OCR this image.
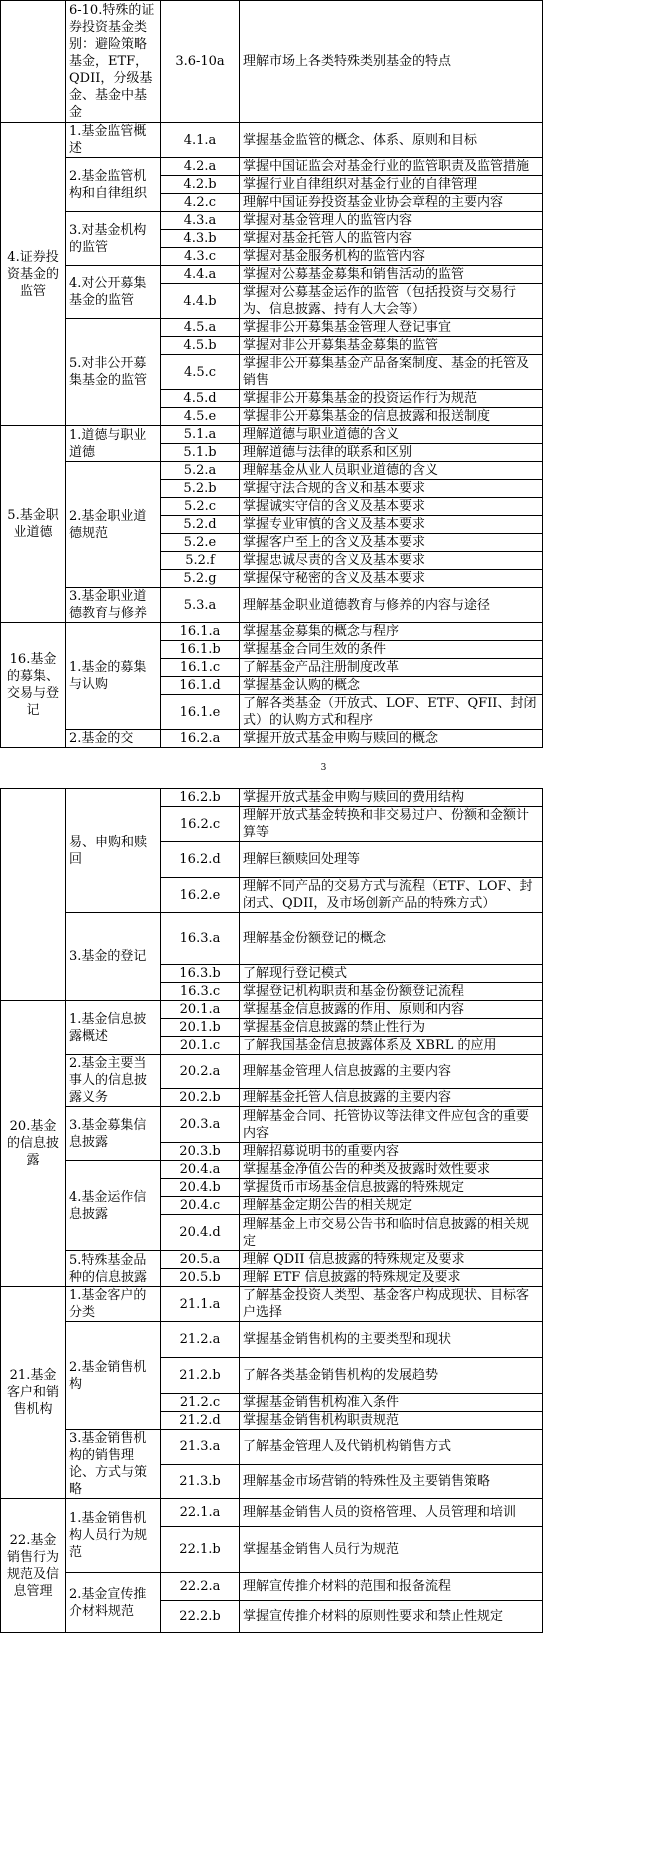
	6-10.特殊的证券投资基金类别：避险策略基金，ETF，QDII，分级基金、基金中基金	3.6-10a	理解市场上各类特殊类别基金的特点
4.证券投资基金的监管	1.基金监管概述	4.1.a	掌握基金监管的概念、体系、原则和目标
	2.基金监管机构和自律组织	4.2.a	掌握中国证监会对基金行业的监管职责及监管措施
		4.2.b	掌握行业自律组织对基金行业的自律管理
		4.2.c	理解中国证券投资基金业协会章程的主要内容
	3.对基金机构的监管	4.3.a	掌握对基金管理人的监管内容
		4.3.b	掌握对基金托管人的监管内容
		4.3.c	掌握对基金服务机构的监管内容
	4.对公开募集基金的监管	4.4.a	掌握对公募基金募集和销售活动的监管
		4.4.b	掌握对公募基金运作的监管（包括投资与交易行为、信息披露、持有人大会等）
	5.对非公开募集基金的监管	4.5.a	掌握非公开募集基金管理人登记事宜
		4.5.b	掌握对非公开募集基金募集的监管
		4.5.c	掌握非公开募集基金产品备案制度、基金的托管及销售
		4.5.d	掌握非公开募集基金的投资运作行为规范
		4.5.e	掌握非公开募集基金的信息披露和报送制度
5.基金职业道德	1.道德与职业道德	5.1.a	理解道德与职业道德的含义
		5.1.b	理解道德与法律的联系和区别
	2.基金职业道德规范	5.2.a	理解基金从业人员职业道德的含义
		5.2.b	掌握守法合规的含义和基本要求
		5.2.c	掌握诚实守信的含义及基本要求
		5.2.d	掌握专业审慎的含义及基本要求
		5.2.e	掌握客户至上的含义及基本要求
		5.2.f	掌握忠诚尽责的含义及基本要求
		5.2.g	掌握保守秘密的含义及基本要求
	3.基金职业道德教育与修养	5.3.a	理解基金职业道德教育与修养的内容与途径
16.基金的募集、交易与登记	1.基金的募集与认购	16.1.a	掌握基金募集的概念与程序
		16.1.b	掌握基金合同生效的条件
		16.1.c	了解基金产品注册制度改革
		16.1.d	掌握基金认购的概念
		16.1.e	了解各类基金（开放式、LOF、ETF、QFII、封闭式）的认购方式和程序
	2.基金的交	16.2.a	掌握开放式基金申购与赎回的概念
3
	易、申购和赎回	16.2.b	掌握开放式基金申购与赎回的费用结构
		16.2.c	理解开放式基金转换和非交易过户、份额和金额计算等
		16.2.d	理解巨额赎回处理等
		16.2.e	理解不同产品的交易方式与流程（ETF、LOF、封闭式、QDII，及市场创新产品的特殊方式）
	3.基金的登记	16.3.a	理解基金份额登记的概念
		16.3.b	了解现行登记模式
		16.3.c	掌握登记机构职责和基金份额登记流程
20.基金的信息披露	1.基金信息披露概述	20.1.a	掌握基金信息披露的作用、原则和内容
		20.1.b	掌握基金信息披露的禁止性行为
		20.1.c	了解我国基金信息披露体系及 XBRL 的应用
	2.基金主要当事人的信息披露义务	20.2.a	理解基金管理人信息披露的主要内容
		20.2.b	理解基金托管人信息披露的主要内容
	3.基金募集信息披露	20.3.a	理解基金合同、托管协议等法律文件应包含的重要内容
		20.3.b	理解招募说明书的重要内容
	4.基金运作信息披露	20.4.a	掌握基金净值公告的种类及披露时效性要求
		20.4.b	掌握货币市场基金信息披露的特殊规定
		20.4.c	理解基金定期公告的相关规定
		20.4.d	理解基金上市交易公告书和临时信息披露的相关规定
	5.特殊基金品种的信息披露	20.5.a	理解 QDII 信息披露的特殊规定及要求
		20.5.b	理解 ETF 信息披露的特殊规定及要求
21.基金客户和销售机构	1.基金客户的分类	21.1.a	了解基金投资人类型、基金客户构成现状、目标客户选择
	2.基金销售机构	21.2.a	掌握基金销售机构的主要类型和现状
		21.2.b	了解各类基金销售机构的发展趋势
		21.2.c	掌握基金销售机构准入条件
		21.2.d	掌握基金销售机构职责规范
	3.基金销售机构的销售理论、方式与策略	21.3.a	了解基金管理人及代销机构销售方式
		21.3.b	理解基金市场营销的特殊性及主要销售策略
22.基金销售行为规范及信息管理	1.基金销售机构人员行为规范	22.1.a	理解基金销售人员的资格管理、人员管理和培训
		22.1.b	掌握基金销售人员行为规范
	2.基金宣传推介材料规范	22.2.a	理解宣传推介材料的范围和报备流程
		22.2.b	掌握宣传推介材料的原则性要求和禁止性规定
